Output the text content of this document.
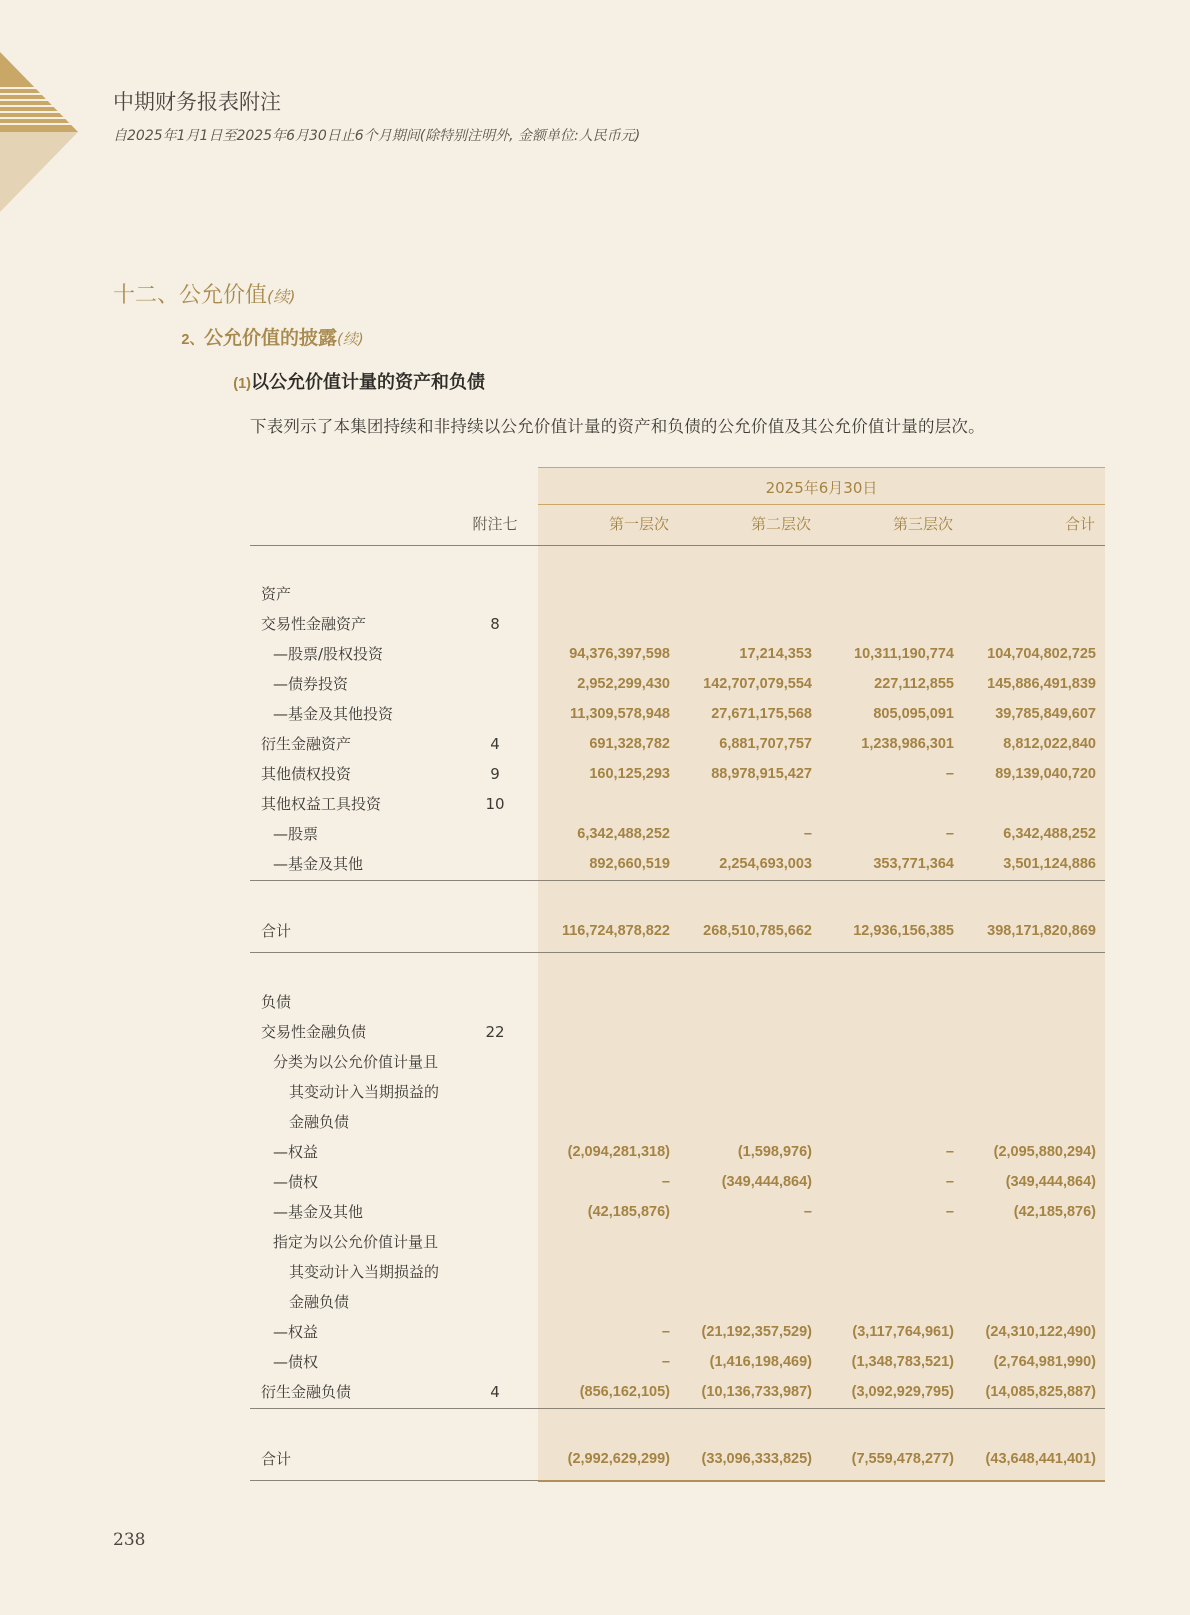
中期财务报表附注
自2025年1月1日至2025年6月30日止6个月期间(除特别注明外, 金额单位:人民币元)
十二、公允价值(续)
2、公允价值的披露(续)
(1)以公允价值计量的资产和负债
下表列示了本集团持续和非持续以公允价值计量的资产和负债的公允价值及其公允价值计量的层次。
2025年6月30日
附注七	第一层次	第二层次	第三层次	合计
资产
交易性金融资产	8
—股票/股权投资	94,376,397,598	17,214,353	10,311,190,774	104,704,802,725
—债券投资	2,952,299,430	142,707,079,554	227,112,855	145,886,491,839
—基金及其他投资	11,309,578,948	27,671,175,568	805,095,091	39,785,849,607
衍生金融资产	4	691,328,782	6,881,707,757	1,238,986,301	8,812,022,840
其他债权投资	9	160,125,293	88,978,915,427	–	89,139,040,720
其他权益工具投资	10
—股票	6,342,488,252	–	–	6,342,488,252
—基金及其他	892,660,519	2,254,693,003	353,771,364	3,501,124,886
合计	116,724,878,822	268,510,785,662	12,936,156,385	398,171,820,869
负债
交易性金融负债	22
分类为以公允价值计量且
其变动计入当期损益的
金融负债
—权益	(2,094,281,318)	(1,598,976)	–	(2,095,880,294)
—债权	–	(349,444,864)	–	(349,444,864)
—基金及其他	(42,185,876)	–	–	(42,185,876)
指定为以公允价值计量且
其变动计入当期损益的
金融负债
—权益	–	(21,192,357,529)	(3,117,764,961)	(24,310,122,490)
—债权	–	(1,416,198,469)	(1,348,783,521)	(2,764,981,990)
衍生金融负债	4	(856,162,105)	(10,136,733,987)	(3,092,929,795)	(14,085,825,887)
合计	(2,992,629,299)	(33,096,333,825)	(7,559,478,277)	(43,648,441,401)
238
